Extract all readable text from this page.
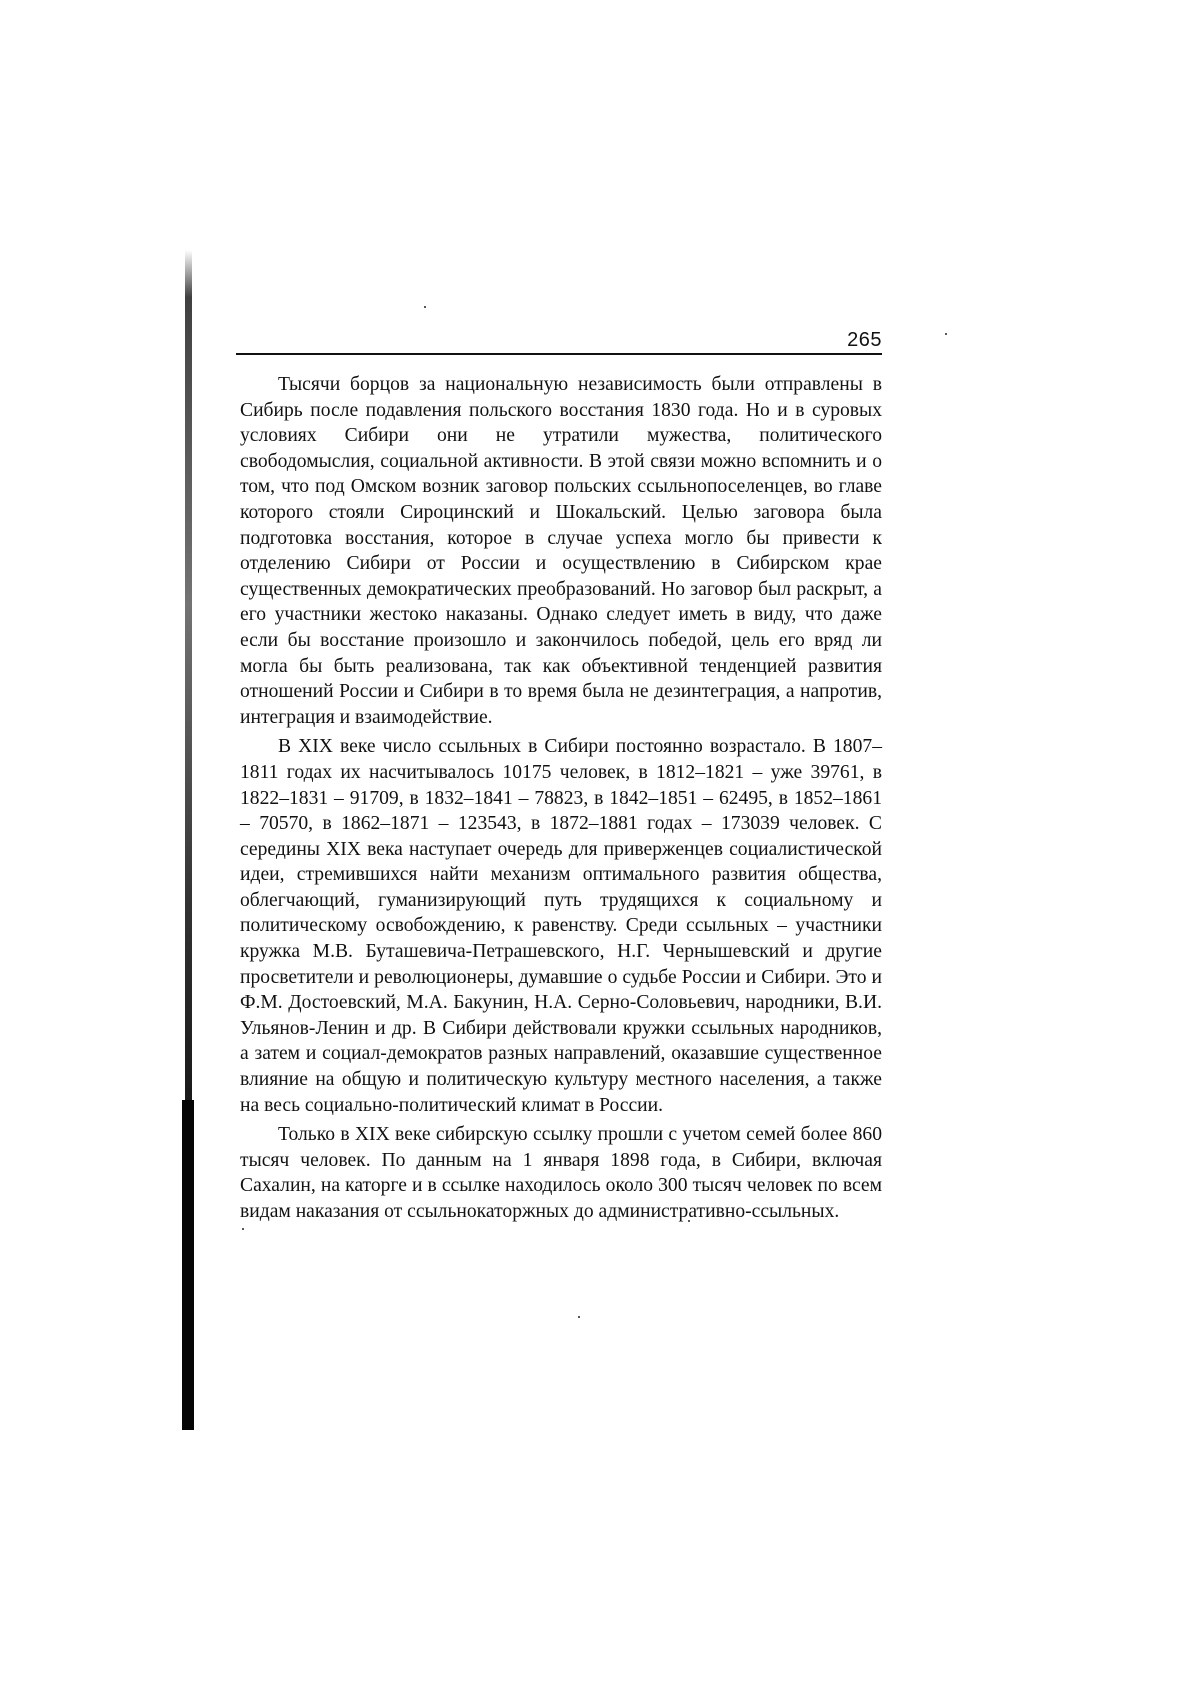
265

Тысячи борцов за национальную независимость были отправлены в Сибирь после подавления польского восстания 1830 года. Но и в суровых условиях Сибири они не утратили мужества, политического свободомыслия, социальной активности. В этой связи можно вспомнить и о том, что под Омском возник заговор польских ссыльнопоселенцев, во главе которого стояли Сироцинский и Шокальский. Целью заговора была подготовка восстания, которое в случае успеха могло бы привести к отделению Сибири от России и осуществлению в Сибирском крае существенных демократических преобразований. Но заговор был раскрыт, а его участники жестоко наказаны. Однако следует иметь в виду, что даже если бы восстание произошло и закончилось победой, цель его вряд ли могла бы быть реализована, так как объективной тенденцией развития отношений России и Сибири в то время была не дезинтеграция, а напротив, интеграция и взаимодействие.

В XIX веке число ссыльных в Сибири постоянно возрастало. В 1807–1811 годах их насчитывалось 10175 человек, в 1812–1821 – уже 39761, в 1822–1831 – 91709, в 1832–1841 – 78823, в 1842–1851 – 62495, в 1852–1861 – 70570, в 1862–1871 – 123543, в 1872–1881 годах – 173039 человек. С середины XIX века наступает очередь для приверженцев социалистической идеи, стремившихся найти механизм оптимального развития общества, облегчающий, гуманизирующий путь трудящихся к социальному и политическому освобождению, к равенству. Среди ссыльных – участники кружка М.В. Буташевича-Петрашевского, Н.Г. Чернышевский и другие просветители и революционеры, думавшие о судьбе России и Сибири. Это и Ф.М. Достоевский, М.А. Бакунин, Н.А. Серно-Соловьевич, народники, В.И. Ульянов-Ленин и др. В Сибири действовали кружки ссыльных народников, а затем и социал-демократов разных направлений, оказавшие существенное влияние на общую и политическую культуру местного населения, а также на весь социально-политический климат в России.

Только в XIX веке сибирскую ссылку прошли с учетом семей более 860 тысяч человек. По данным на 1 января 1898 года, в Сибири, включая Сахалин, на каторге и в ссылке находилось около 300 тысяч человек по всем видам наказания от ссыльнокаторжных до административно-ссыльных.
